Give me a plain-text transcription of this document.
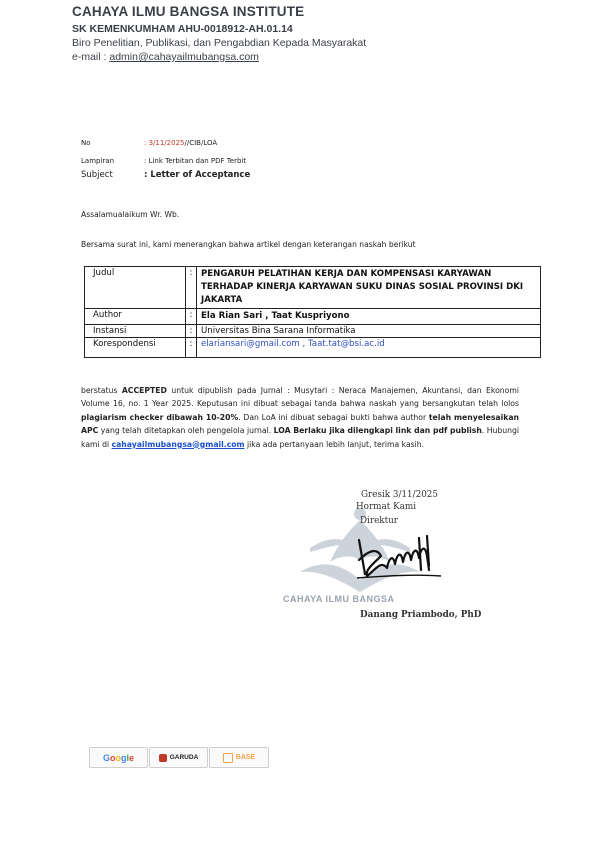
CAHAYA ILMU BANGSA INSTITUTE
SK KEMENKUMHAM AHU-0018912-AH.01.14
Biro Penelitian, Publikasi, dan Pengabdian Kepada Masyarakat
e-mail : admin@cahayailmubangsa.com
No	: 3/11/2025//CIB/LOA
Lampiran	: Link Terbitan dan PDF Terbit
Subject	: Letter of Acceptance
Assalamualaikum Wr. Wb.
Bersama surat ini, kami menerangkan bahwa artikel dengan keterangan naskah berikut
Judul	:	PENGARUH PELATIHAN KERJA DAN KOMPENSASI KARYAWAN TERHADAP KINERJA KARYAWAN SUKU DINAS SOSIAL PROVINSI DKI JAKARTA
Author	:	Ela Rian Sari , Taat Kuspriyono
Instansi	:	Universitas Bina Sarana Informatika
Korespondensi	:	elariansari@gmail.com , Taat.tat@bsi.ac.id
berstatus ACCEPTED untuk dipublish pada Jurnal : Musytari : Neraca Manajemen, Akuntansi, dan Ekonomi Volume 16, no. 1 Year 2025. Keputusan ini dibuat sebagai tanda bahwa naskah yang bersangkutan telah lolos plagiarism checker dibawah 10-20%. Dan LoA ini dibuat sebagai bukti bahwa author telah menyelesaikan APC yang telah ditetapkan oleh pengelola jurnal. LOA Berlaku jika dilengkapi link dan pdf publish. Hubungi kami di cahayailmubangsa@gmail.com jika ada pertanyaan lebih lanjut, terima kasih.
Gresik 3/11/2025
Hormat Kami
Direktur
CAHAYA ILMU BANGSA
Danang Priambodo, PhD
Google	GARUDA	BASE
